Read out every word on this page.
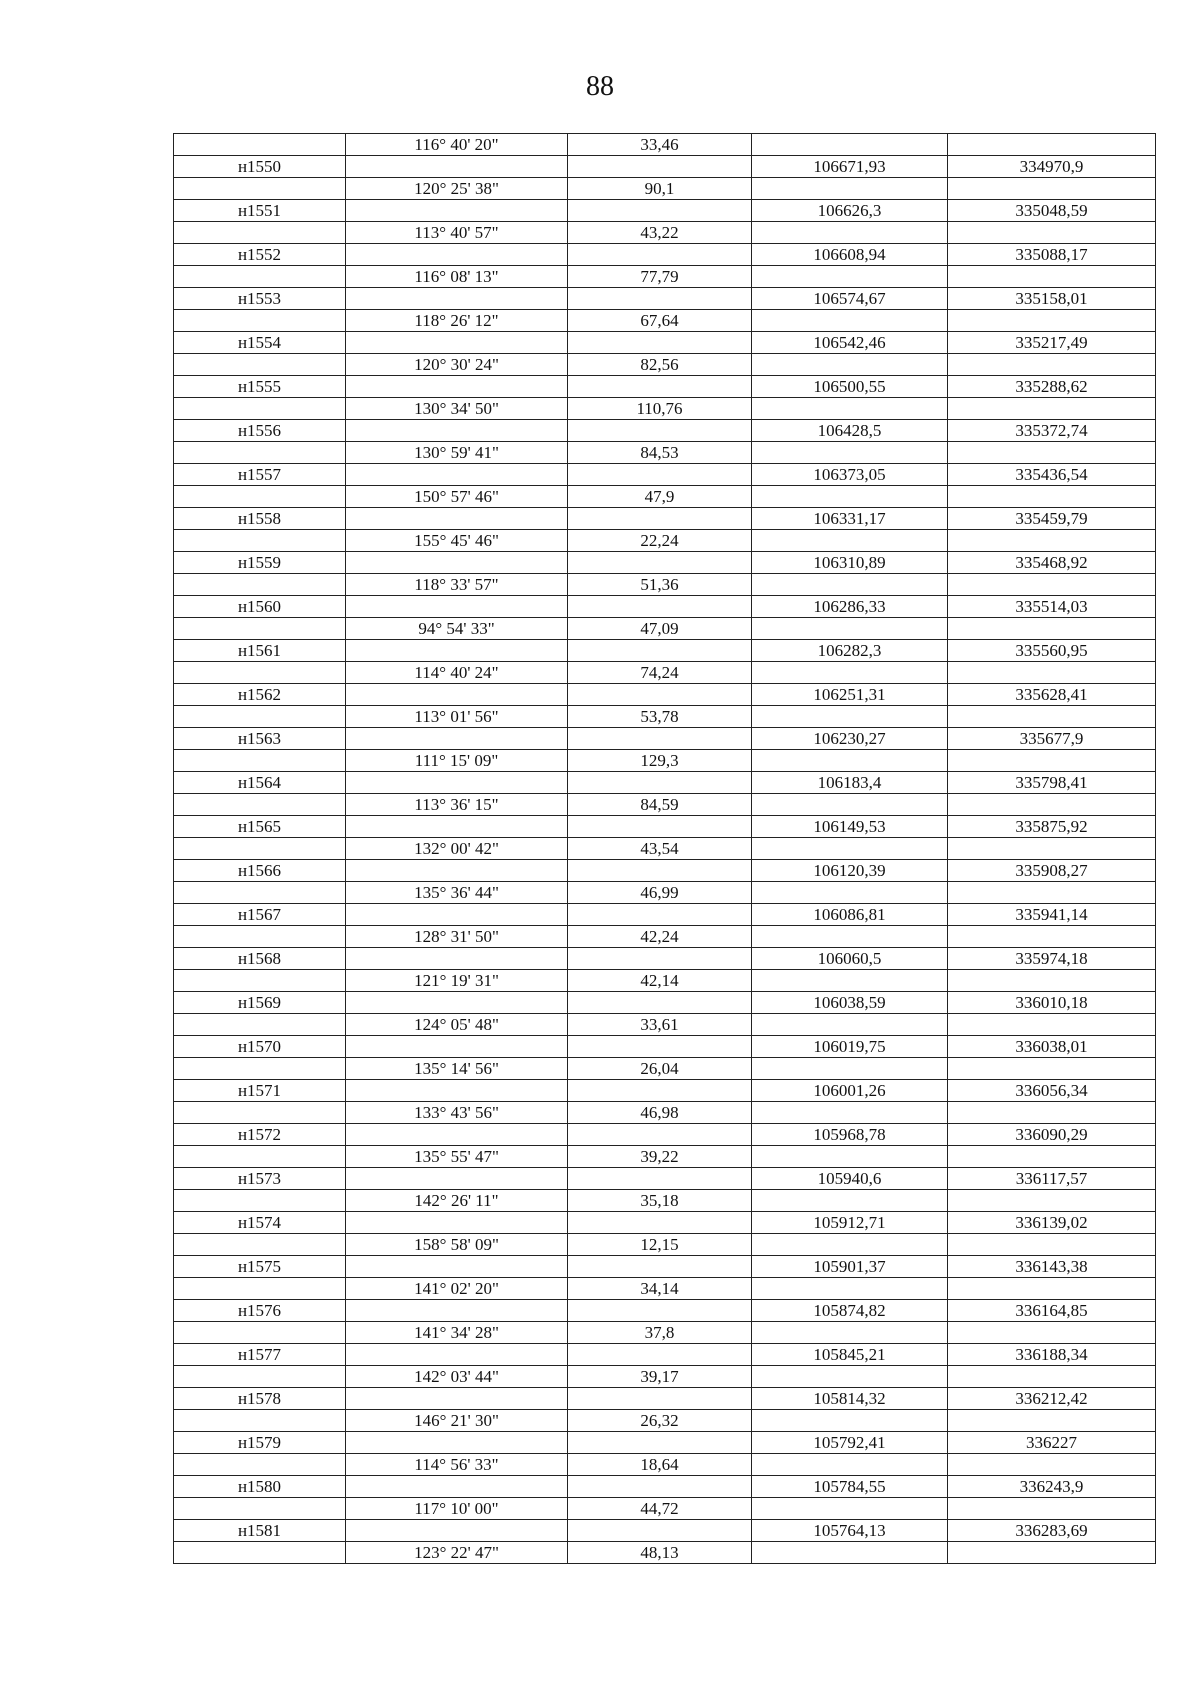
88
	116° 40' 20"	33,46		
н1550			106671,93	334970,9
	120° 25' 38"	90,1		
н1551			106626,3	335048,59
	113° 40' 57"	43,22		
н1552			106608,94	335088,17
	116° 08' 13"	77,79		
н1553			106574,67	335158,01
	118° 26' 12"	67,64		
н1554			106542,46	335217,49
	120° 30' 24"	82,56		
н1555			106500,55	335288,62
	130° 34' 50"	110,76		
н1556			106428,5	335372,74
	130° 59' 41"	84,53		
н1557			106373,05	335436,54
	150° 57' 46"	47,9		
н1558			106331,17	335459,79
	155° 45' 46"	22,24		
н1559			106310,89	335468,92
	118° 33' 57"	51,36		
н1560			106286,33	335514,03
	94° 54' 33"	47,09		
н1561			106282,3	335560,95
	114° 40' 24"	74,24		
н1562			106251,31	335628,41
	113° 01' 56"	53,78		
н1563			106230,27	335677,9
	111° 15' 09"	129,3		
н1564			106183,4	335798,41
	113° 36' 15"	84,59		
н1565			106149,53	335875,92
	132° 00' 42"	43,54		
н1566			106120,39	335908,27
	135° 36' 44"	46,99		
н1567			106086,81	335941,14
	128° 31' 50"	42,24		
н1568			106060,5	335974,18
	121° 19' 31"	42,14		
н1569			106038,59	336010,18
	124° 05' 48"	33,61		
н1570			106019,75	336038,01
	135° 14' 56"	26,04		
н1571			106001,26	336056,34
	133° 43' 56"	46,98		
н1572			105968,78	336090,29
	135° 55' 47"	39,22		
н1573			105940,6	336117,57
	142° 26' 11"	35,18		
н1574			105912,71	336139,02
	158° 58' 09"	12,15		
н1575			105901,37	336143,38
	141° 02' 20"	34,14		
н1576			105874,82	336164,85
	141° 34' 28"	37,8		
н1577			105845,21	336188,34
	142° 03' 44"	39,17		
н1578			105814,32	336212,42
	146° 21' 30"	26,32		
н1579			105792,41	336227
	114° 56' 33"	18,64		
н1580			105784,55	336243,9
	117° 10' 00"	44,72		
н1581			105764,13	336283,69
	123° 22' 47"	48,13		
